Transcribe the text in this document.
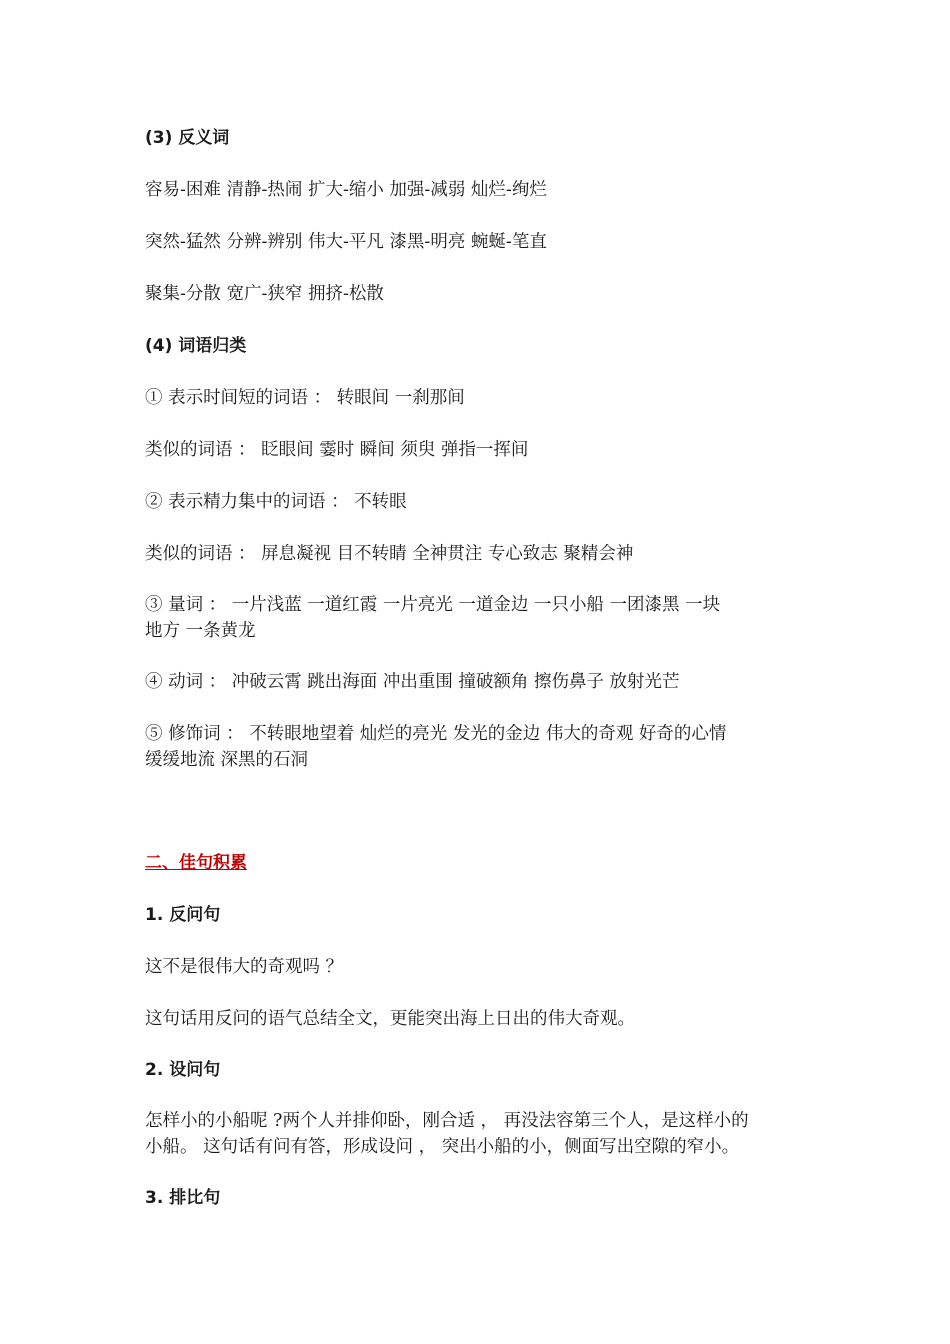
(3) 反义词

容易-困难 清静-热闹 扩大-缩小 加强-减弱 灿烂-绚烂

突然-猛然 分辨-辨别 伟大-平凡 漆黑-明亮 蜿蜒-笔直

聚集-分散 宽广-狭窄 拥挤-松散

(4) 词语归类

① 表示时间短的词语 ： 转眼间 一刹那间

类似的词语 ： 眨眼间 霎时 瞬间 须臾 弹指一挥间

② 表示精力集中的词语 ： 不转眼

类似的词语 ： 屏息凝视 目不转睛 全神贯注 专心致志 聚精会神

③ 量词 ： 一片浅蓝 一道红霞 一片亮光 一道金边 一只小船 一团漆黑 一块
地方 一条黄龙

④ 动词 ： 冲破云霄 跳出海面 冲出重围 撞破额角 擦伤鼻子 放射光芒

⑤ 修饰词 ： 不转眼地望着 灿烂的亮光 发光的金边 伟大的奇观 好奇的心情
缓缓地流 深黑的石洞

二、佳句积累

1. 反问句

这不是很伟大的奇观吗 ？

这句话用反问的语气总结全文，更能突出海上日出的伟大奇观。

2. 设问句

怎样小的小船呢 ?两个人并排仰卧，刚合适 ， 再没法容第三个人，是这样小的
小船。 这句话有问有答，形成设问 ， 突出小船的小，侧面写出空隙的窄小。

3. 排比句
